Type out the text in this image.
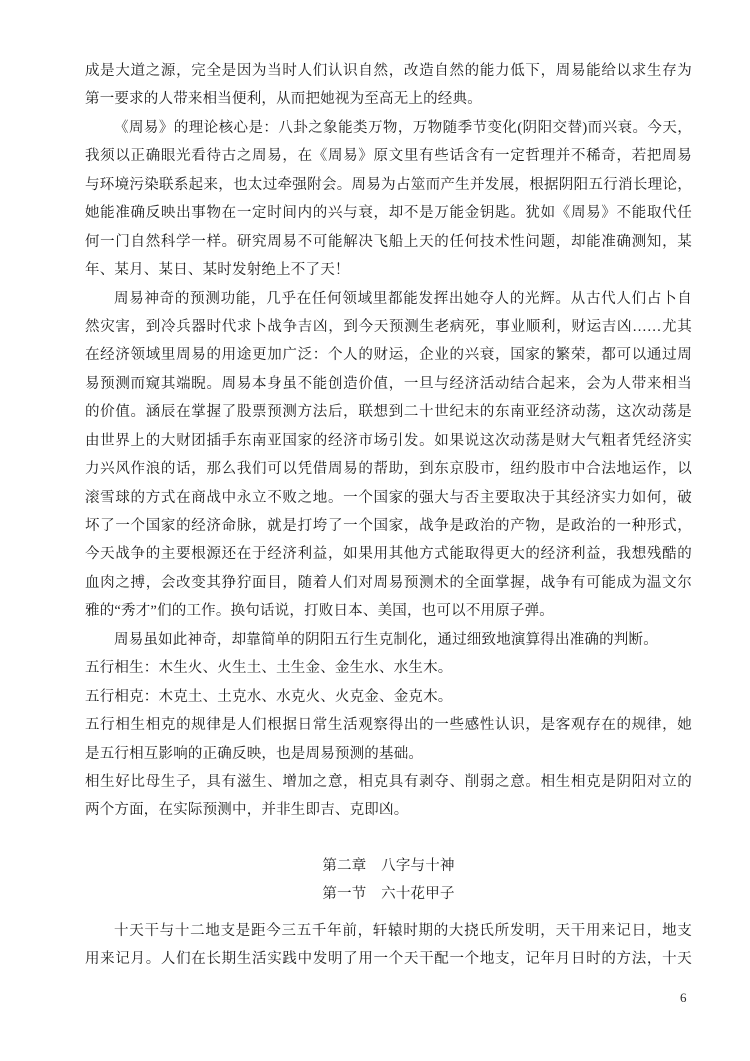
成是大道之源，完全是因为当时人们认识自然，改造自然的能力低下，周易能给以求生存为
第一要求的人带来相当便利，从而把她视为至高无上的经典。
《周易》的理论核心是：八卦之象能类万物，万物随季节变化(阴阳交替)而兴衰。今天，
我须以正确眼光看待古之周易，在《周易》原文里有些话含有一定哲理并不稀奇，若把周易
与环境污染联系起来，也太过牵强附会。周易为占筮而产生并发展，根据阴阳五行消长理论，
她能准确反映出事物在一定时间内的兴与衰，却不是万能金钥匙。犹如《周易》不能取代任
何一门自然科学一样。研究周易不可能解决飞船上天的任何技术性问题，却能准确测知，某
年、某月、某日、某时发射绝上不了天！
周易神奇的预测功能，几乎在任何领域里都能发挥出她夺人的光辉。从古代人们占卜自
然灾害，到冷兵器时代求卜战争吉凶，到今天预测生老病死，事业顺利，财运吉凶……尤其
在经济领域里周易的用途更加广泛：个人的财运，企业的兴衰，国家的繁荣，都可以通过周
易预测而窥其端睨。周易本身虽不能创造价值，一旦与经济活动结合起来，会为人带来相当
的价值。涵辰在掌握了股票预测方法后，联想到二十世纪末的东南亚经济动荡，这次动荡是
由世界上的大财团插手东南亚国家的经济市场引发。如果说这次动荡是财大气粗者凭经济实
力兴风作浪的话，那么我们可以凭借周易的帮助，到东京股市，纽约股市中合法地运作，以
滚雪球的方式在商战中永立不败之地。一个国家的强大与否主要取决于其经济实力如何，破
坏了一个国家的经济命脉，就是打垮了一个国家，战争是政治的产物，是政治的一种形式，
今天战争的主要根源还在于经济利益，如果用其他方式能取得更大的经济利益，我想残酷的
血肉之搏，会改变其狰狞面目，随着人们对周易预测术的全面掌握，战争有可能成为温文尔
雅的“秀才”们的工作。换句话说，打败日本、美国，也可以不用原子弹。
周易虽如此神奇，却靠简单的阴阳五行生克制化，通过细致地演算得出准确的判断。
五行相生：木生火、火生土、土生金、金生水、水生木。
五行相克：木克土、土克水、水克火、火克金、金克木。
五行相生相克的规律是人们根据日常生活观察得出的一些感性认识，是客观存在的规律，她
是五行相互影响的正确反映，也是周易预测的基础。
相生好比母生子，具有滋生、增加之意，相克具有剥夺、削弱之意。相生相克是阴阳对立的
两个方面，在实际预测中，并非生即吉、克即凶。
第二章　八字与十神
第一节　六十花甲子
十天干与十二地支是距今三五千年前，轩辕时期的大挠氏所发明，天干用来记日，地支
用来记月。人们在长期生活实践中发明了用一个天干配一个地支，记年月日时的方法，十天
6
